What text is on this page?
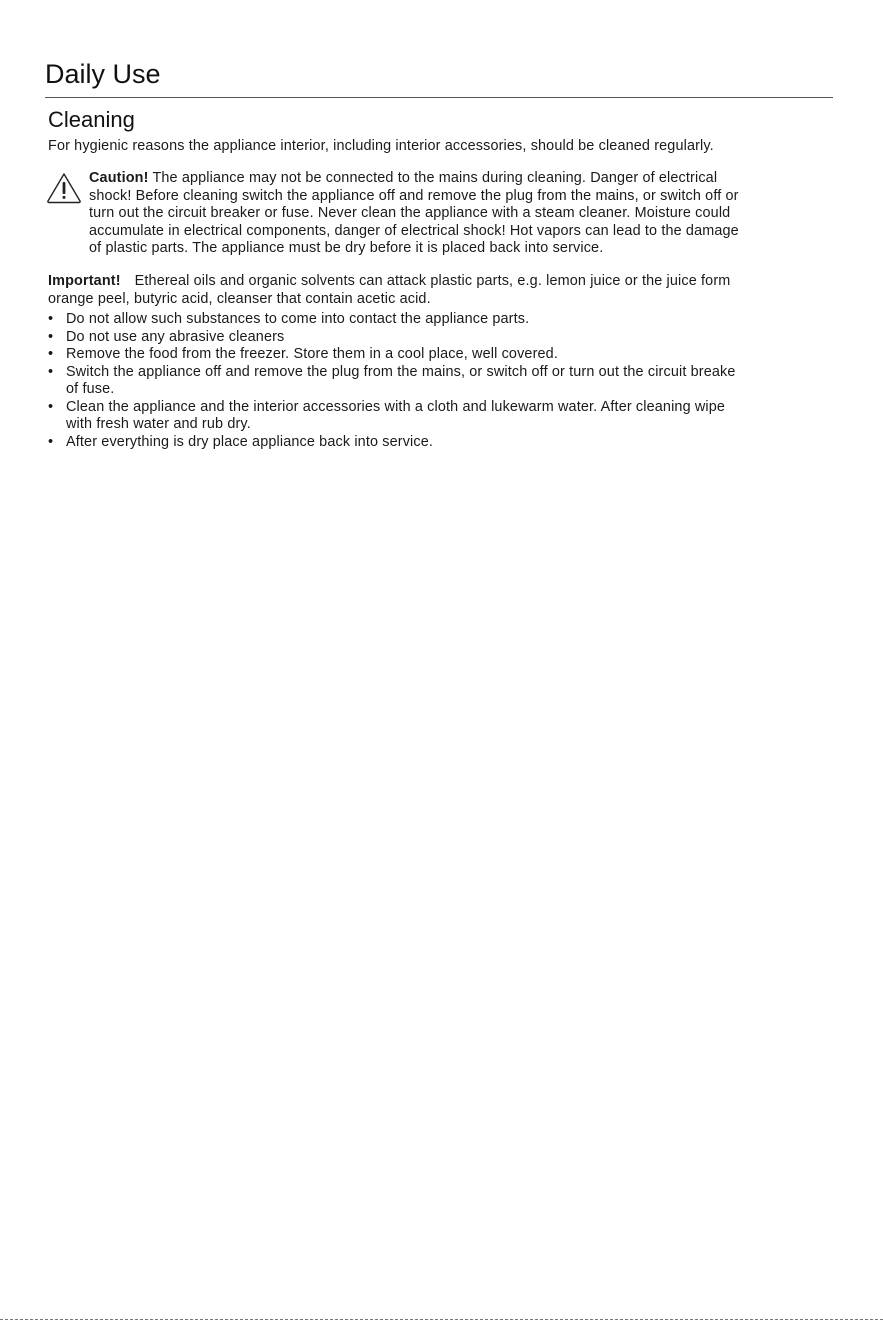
Daily Use
Cleaning

For hygienic reasons the appliance interior, including interior accessories, should be cleaned regularly.

Caution! The appliance may not be connected to the mains during cleaning. Danger of electrical
shock! Before cleaning switch the appliance off and remove the plug from the mains, or switch off or
turn out the circuit breaker or fuse. Never clean the appliance with a steam cleaner. Moisture could
accumulate in electrical components, danger of electrical shock! Hot vapors can lead to the damage
of plastic parts. The appliance must be dry before it is placed back into service.
Important! Ethereal oils and organic solvents can attack plastic parts, e.g. lemon juice or the juice form
orange peel, butyric acid, cleanser that contain acetic acid.
• Do not allow such substances to come into contact the appliance parts.
• Do not use any abrasive cleaners
• Remove the food from the freezer. Store them in a cool place, well covered.
• Switch the appliance off and remove the plug from the mains, or switch off or turn out the circuit breake
of fuse.
• Clean the appliance and the interior accessories with a cloth and lukewarm water. After cleaning wipe
with fresh water and rub dry.
• After everything is dry place appliance back into service.
